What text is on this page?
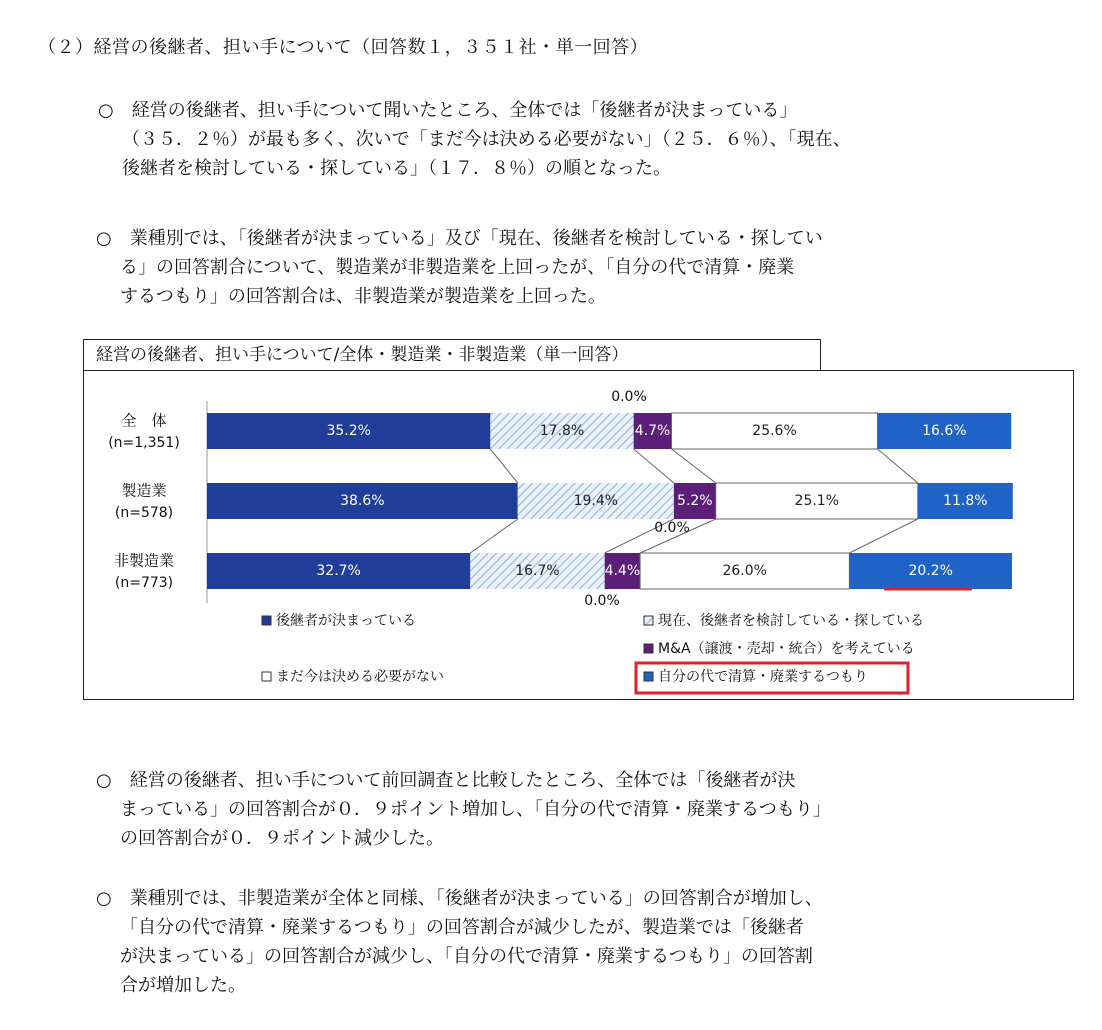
（２）経営の後継者、担い手について（回答数１，３５１社・単一回答）
○　経営の後継者、担い手について聞いたところ、全体では「後継者が決まっている」
（３５．２％）が最も多く、次いで「まだ今は決める必要がない」（２５．６％）、「現在、
後継者を検討している・探している」（１７．８％）の順となった。
○　業種別では、「後継者が決まっている」及び「現在、後継者を検討している・探してい
る」の回答割合について、製造業が非製造業を上回ったが、「自分の代で清算・廃業
するつもり」の回答割合は、非製造業が製造業を上回った。
経営の後継者、担い手について/全体・製造業・非製造業（単一回答）
35.2%	17.8%	4.7%	25.6%	16.6%
全　体
(n=1,351)
38.6%	19.4%	5.2%	25.1%	11.8%
製造業
(n=578)
32.7%	16.7%	4.4%	26.0%	20.2%
非製造業
(n=773)
0.0%
0.0%
0.0%
後継者が決まっている	現在、後継者を検討している・探している
M&A（譲渡・売却・統合）を考えている
まだ今は決める必要がない	自分の代で清算・廃業するつもり
○　経営の後継者、担い手について前回調査と比較したところ、全体では「後継者が決
まっている」の回答割合が０．９ポイント増加し、「自分の代で清算・廃業するつもり」
の回答割合が０．９ポイント減少した。
○　業種別では、非製造業が全体と同様、「後継者が決まっている」の回答割合が増加し、
「自分の代で清算・廃業するつもり」の回答割合が減少したが、製造業では「後継者
が決まっている」の回答割合が減少し、「自分の代で清算・廃業するつもり」の回答割
合が増加した。
